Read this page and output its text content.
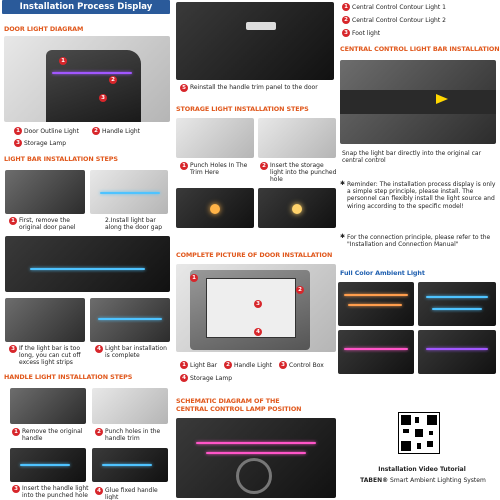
Installation Process Display
DOOR LIGHT DIAGRAM
1
2
3
1 Door Outline Light	2 Handle Light
3 Storage Lamp
LIGHT BAR INSTALLATION STEPS
1 First, remove the original door panel
2.Install light bar along the door gap
3 If the light bar is too long, you can cut off excess light strips
4 Light bar installation is complete
HANDLE LIGHT INSTALLATION STEPS
1 Remove the original handle
2 Punch holes in the handle trim
3 Insert the handle light into the punched hole
4 Glue fixed handle light
5 Reinstall the handle trim panel to the door
STORAGE LIGHT INSTALLATION STEPS
1 Punch Holes In The Trim Here
2 Insert the storage light into the punched hole
COMPLETE PICTURE OF DOOR INSTALLATION
1
2
3
4
1 Light Bar	2 Handle Light	3 Control Box
4 Storage Lamp
SCHEMATIC DIAGRAM OF THE
CENTRAL CONTROL LAMP POSITION
1 Central Control Contour Light 1
2 Central Control Contour Light 2
3 Foot light
CENTRAL CONTROL LIGHT BAR INSTALLATION
Snap the light bar directly into the original car central control
✱ Reminder: The installation process display is only a simple step principle, please install. The personnel can flexibly install the light source and wiring according to the specific model!
✱ For the connection principle, please refer to the "Installation and Connection Manual"
Full Color Ambient Light
Installation Video Tutorial
TABEN® Smart Ambient Lighting System
